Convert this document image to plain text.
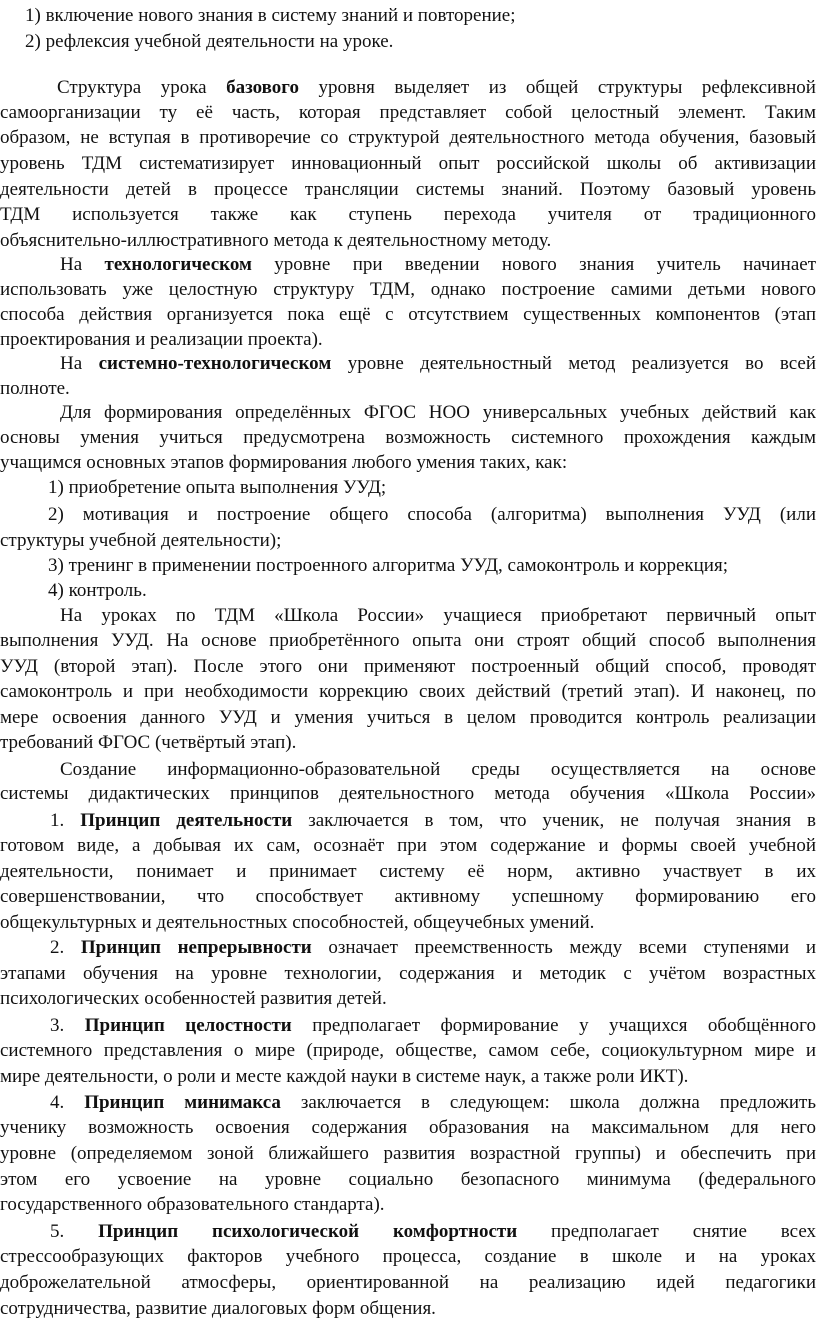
1) включение нового знания в систему знаний и повторение;
2) рефлексия учебной деятельности на уроке.
Структура урока базового уровня выделяет из общей структуры рефлексивной
самоорганизации ту её часть, которая представляет собой целостный элемент. Таким
образом, не вступая в противоречие со структурой деятельностного метода обучения, базовый
уровень ТДМ систематизирует инновационный опыт российской школы об активизации
деятельности детей в процессе трансляции системы знаний. Поэтому базовый уровень
ТДМ используется также как ступень перехода учителя от традиционного
объяснительно-иллюстративного метода к деятельностному методу.
На технологическом уровне при введении нового знания учитель начинает
использовать уже целостную структуру ТДМ, однако построение самими детьми нового
способа действия организуется пока ещё с отсутствием существенных компонентов (этап
проектирования и реализации проекта).
На системно-технологическом уровне деятельностный метод реализуется во всей
полноте.
Для формирования определённых ФГОС НОО универсальных учебных действий как
основы умения учиться предусмотрена возможность системного прохождения каждым
учащимся основных этапов формирования любого умения таких, как:
1) приобретение опыта выполнения УУД;
2) мотивация и построение общего способа (алгоритма) выполнения УУД (или
структуры учебной деятельности);
3) тренинг в применении построенного алгоритма УУД, самоконтроль и коррекция;
4) контроль.
На уроках по ТДМ «Школа России» учащиеся приобретают первичный опыт
выполнения УУД. На основе приобретённого опыта они строят общий способ выполнения
УУД (второй этап). После этого они применяют построенный общий способ, проводят
самоконтроль и при необходимости коррекцию своих действий (третий этап). И наконец, по
мере освоения данного УУД и умения учиться в целом проводится контроль реализации
требований ФГОС (четвёртый этап).
Создание информационно-образовательной среды осуществляется на основе
системы дидактических принципов деятельностного метода обучения «Школа России»
1. Принцип деятельности заключается в том, что ученик, не получая знания в
готовом виде, а добывая их сам, осознаёт при этом содержание и формы своей учебной
деятельности, понимает и принимает систему её норм, активно участвует в их
совершенствовании, что способствует активному успешному формированию его
общекультурных и деятельностных способностей, общеучебных умений.
2. Принцип непрерывности означает преемственность между всеми ступенями и
этапами обучения на уровне технологии, содержания и методик с учётом возрастных
психологических особенностей развития детей.
3. Принцип целостности предполагает формирование у учащихся обобщённого
системного представления о мире (природе, обществе, самом себе, социокультурном мире и
мире деятельности, о роли и месте каждой науки в системе наук, а также роли ИКТ).
4. Принцип минимакса заключается в следующем: школа должна предложить
ученику возможность освоения содержания образования на максимальном для него
уровне (определяемом зоной ближайшего развития возрастной группы) и обеспечить при
этом его усвоение на уровне социально безопасного минимума (федерального
государственного образовательного стандарта).
5. Принцип психологической комфортности предполагает снятие всех
стрессообразующих факторов учебного процесса, создание в школе и на уроках
доброжелательной атмосферы, ориентированной на реализацию идей педагогики
сотрудничества, развитие диалоговых форм общения.
